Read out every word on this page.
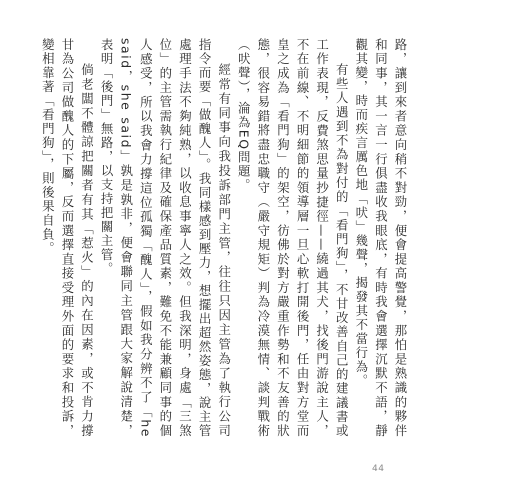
路，讓到來者意向稍不對勁，便會提高警覺，那怕是熟識的夥伴和同事，其一言一行俱盡收我眼底，有時我會選擇沉默不語，靜觀其變，時而疾言厲色地「吠」幾聲，揭發其不當行為。

有些人遇到不為對付的「看門狗」，不甘改善自己的建議書或工作表現，反費煞思量抄捷徑——繞過其犬，找後門游說主人，不在前線、不明細節的領導層一旦心軟打開後門，任由對方堂而皇之成為「看門狗」的架空，彷佛於對方嚴重作勢和不友善的狀態，很容易錯將盡忠職守（嚴守規矩）判為冷漠無情、談判戰術（吠聲），淪為EQ問題。

經常有同事向我投訴部門主管，往往只因主管為了執行公司指令而要「做醜人」。我同樣感到壓力，想擺出超然姿態，說主管處理手法不夠純熟，以收息事寧人之效。但我深明，身處「三煞位」的主管需執行紀律及確保產品質素，難免不能兼顧同事的個人感受，所以我會力撐這位孤獨「醜人」，假如我分辨不了「he said，she said」孰是孰非，便會聯同主管跟大家解說清楚，表明「後門」無路，以支持把關主管。

倘老闆不體諒把關者有其「惹火」的內在因素，或不肯力撐甘為公司做醜人的下屬，反而選擇直接受理外面的要求和投訴，變相靠著「看門狗」，則後果自負。

44
